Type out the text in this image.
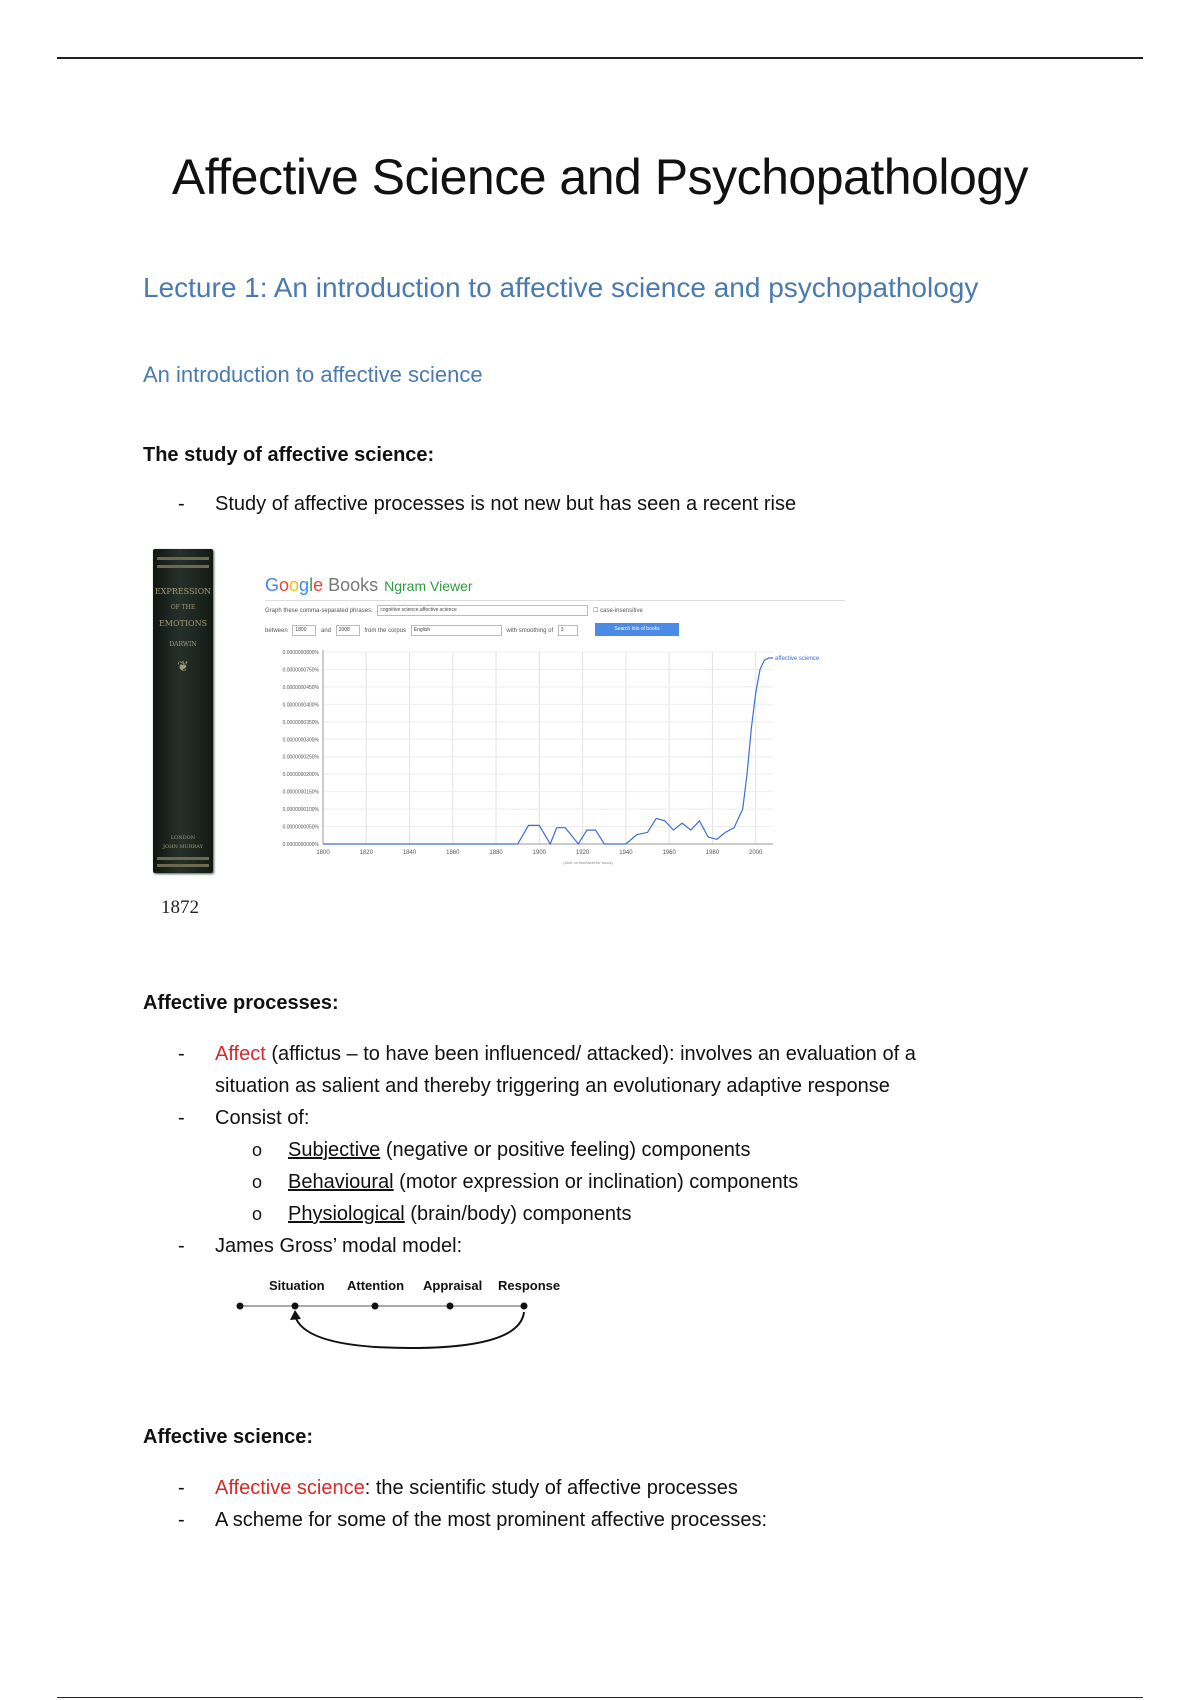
Affective Science and Psychopathology
Lecture 1: An introduction to affective science and psychopathology
An introduction to affective science
The study of affective science:
-	Study of affective processes is not new but has seen a recent rise
EXPRESSION
OF THE
EMOTIONS
DARWIN
❦
LONDON
JOHN MURRAY
1872
Google Books Ngram Viewer
Graph these comma-separated phrases: cognitive science,affective science	☐ case-insensitive
between 1800 and 2008 from the corpus English	with smoothing of 3	Search lots of books
1800	1820	1840	1860	1880	1900	1920	1940	1960	1980	2000
0.0000000800%
0.0000000750%
0.0000000450%
0.0000000400%
0.0000000350%
0.0000000300%
0.0000000250%
0.0000000200%
0.0000000150%
0.0000000100%
0.0000000050%
0.0000000000%
affective science
(click on line/label for focus)
Affective processes:
-	Affect (affictus – to have been influenced/ attacked): involves an evaluation of a
situation as salient and thereby triggering an evolutionary adaptive response
-	Consist of:
o	Subjective (negative or positive feeling) components
o	Behavioural (motor expression or inclination) components
o	Physiological (brain/body) components
-	James Gross’ modal model:
Situation Attention Appraisal Response
Affective science:
-	Affective science: the scientific study of affective processes
-	A scheme for some of the most prominent affective processes:
